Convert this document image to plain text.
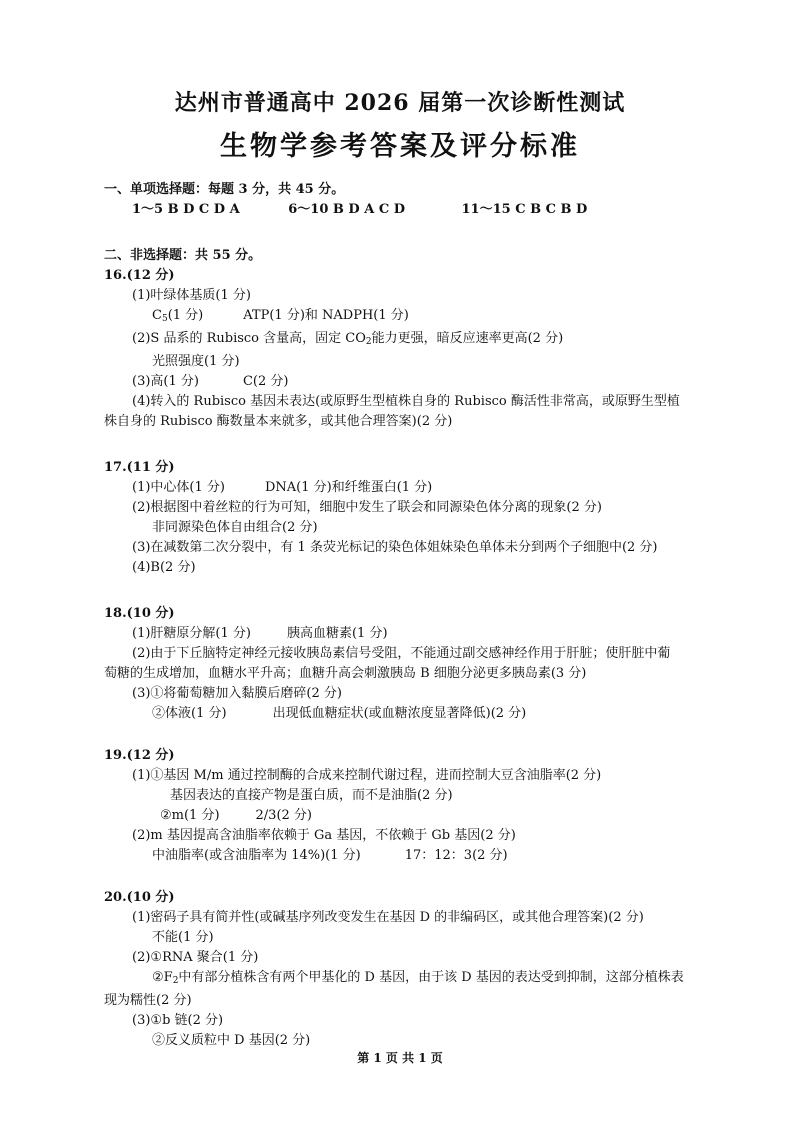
达州市普通高中 2026 届第一次诊断性测试
生物学参考答案及评分标准
一、单项选择题：每题 3 分，共 45 分。
1～5 B D C D A	6～10 B D A C D	11～15 C B C B D
二、非选择题：共 55 分。
16.(12 分)
(1)叶绿体基质(1 分)
$C_5(1$ 分)	ATP(1 分)和 NADPH(1 分)
(2)S 品系的 Rubisco 含量高，固定 $CO_2$能力更强，暗反应速率更高(2 分)
光照强度(1 分)
(3)高(1 分)	C(2 分)
(4)转入的 Rubisco 基因未表达(或原野生型植株自身的 Rubisco 酶活性非常高，或原野生型植
株自身的 Rubisco 酶数量本来就多，或其他合理答案)(2 分)
17.(11 分)
(1)中心体(1 分)	DNA(1 分)和纤维蛋白(1 分)
(2)根据图中着丝粒的行为可知，细胞中发生了联会和同源染色体分离的现象(2 分)
非同源染色体自由组合(2 分)
(3)在减数第二次分裂中，有 1 条荧光标记的染色体姐妹染色单体未分到两个子细胞中(2 分)
(4)B(2 分)
18.(10 分)
(1)肝糖原分解(1 分)	胰高血糖素(1 分)
(2)由于下丘脑特定神经元接收胰岛素信号受阻，不能通过副交感神经作用于肝脏；使肝脏中葡
萄糖的生成增加，血糖水平升高；血糖升高会刺激胰岛 B 细胞分泌更多胰岛素(3 分)
(3)①将葡萄糖加入黏膜后磨碎(2 分)
②体液(1 分)	出现低血糖症状(或血糖浓度显著降低)(2 分)
19.(12 分)
(1)①基因 M/m 通过控制酶的合成来控制代谢过程，进而控制大豆含油脂率(2 分)
基因表达的直接产物是蛋白质，而不是油脂(2 分)
②m(1 分)	2/3(2 分)
(2)m 基因提高含油脂率依赖于 Ga 基因，不依赖于 Gb 基因(2 分)
中油脂率(或含油脂率为 14%)(1 分)	17：12：3(2 分)
20.(10 分)
(1)密码子具有简并性(或碱基序列改变发生在基因 D 的非编码区，或其他合理答案)(2 分)
不能(1 分)
(2)①RNA 聚合(1 分)
$②F_2$中有部分植株含有两个甲基化的 D 基因，由于该 D 基因的表达受到抑制，这部分植株表
现为糯性(2 分)
(3)①b 链(2 分)
②反义质粒中 D 基因(2 分)
第 1 页 共 1 页
